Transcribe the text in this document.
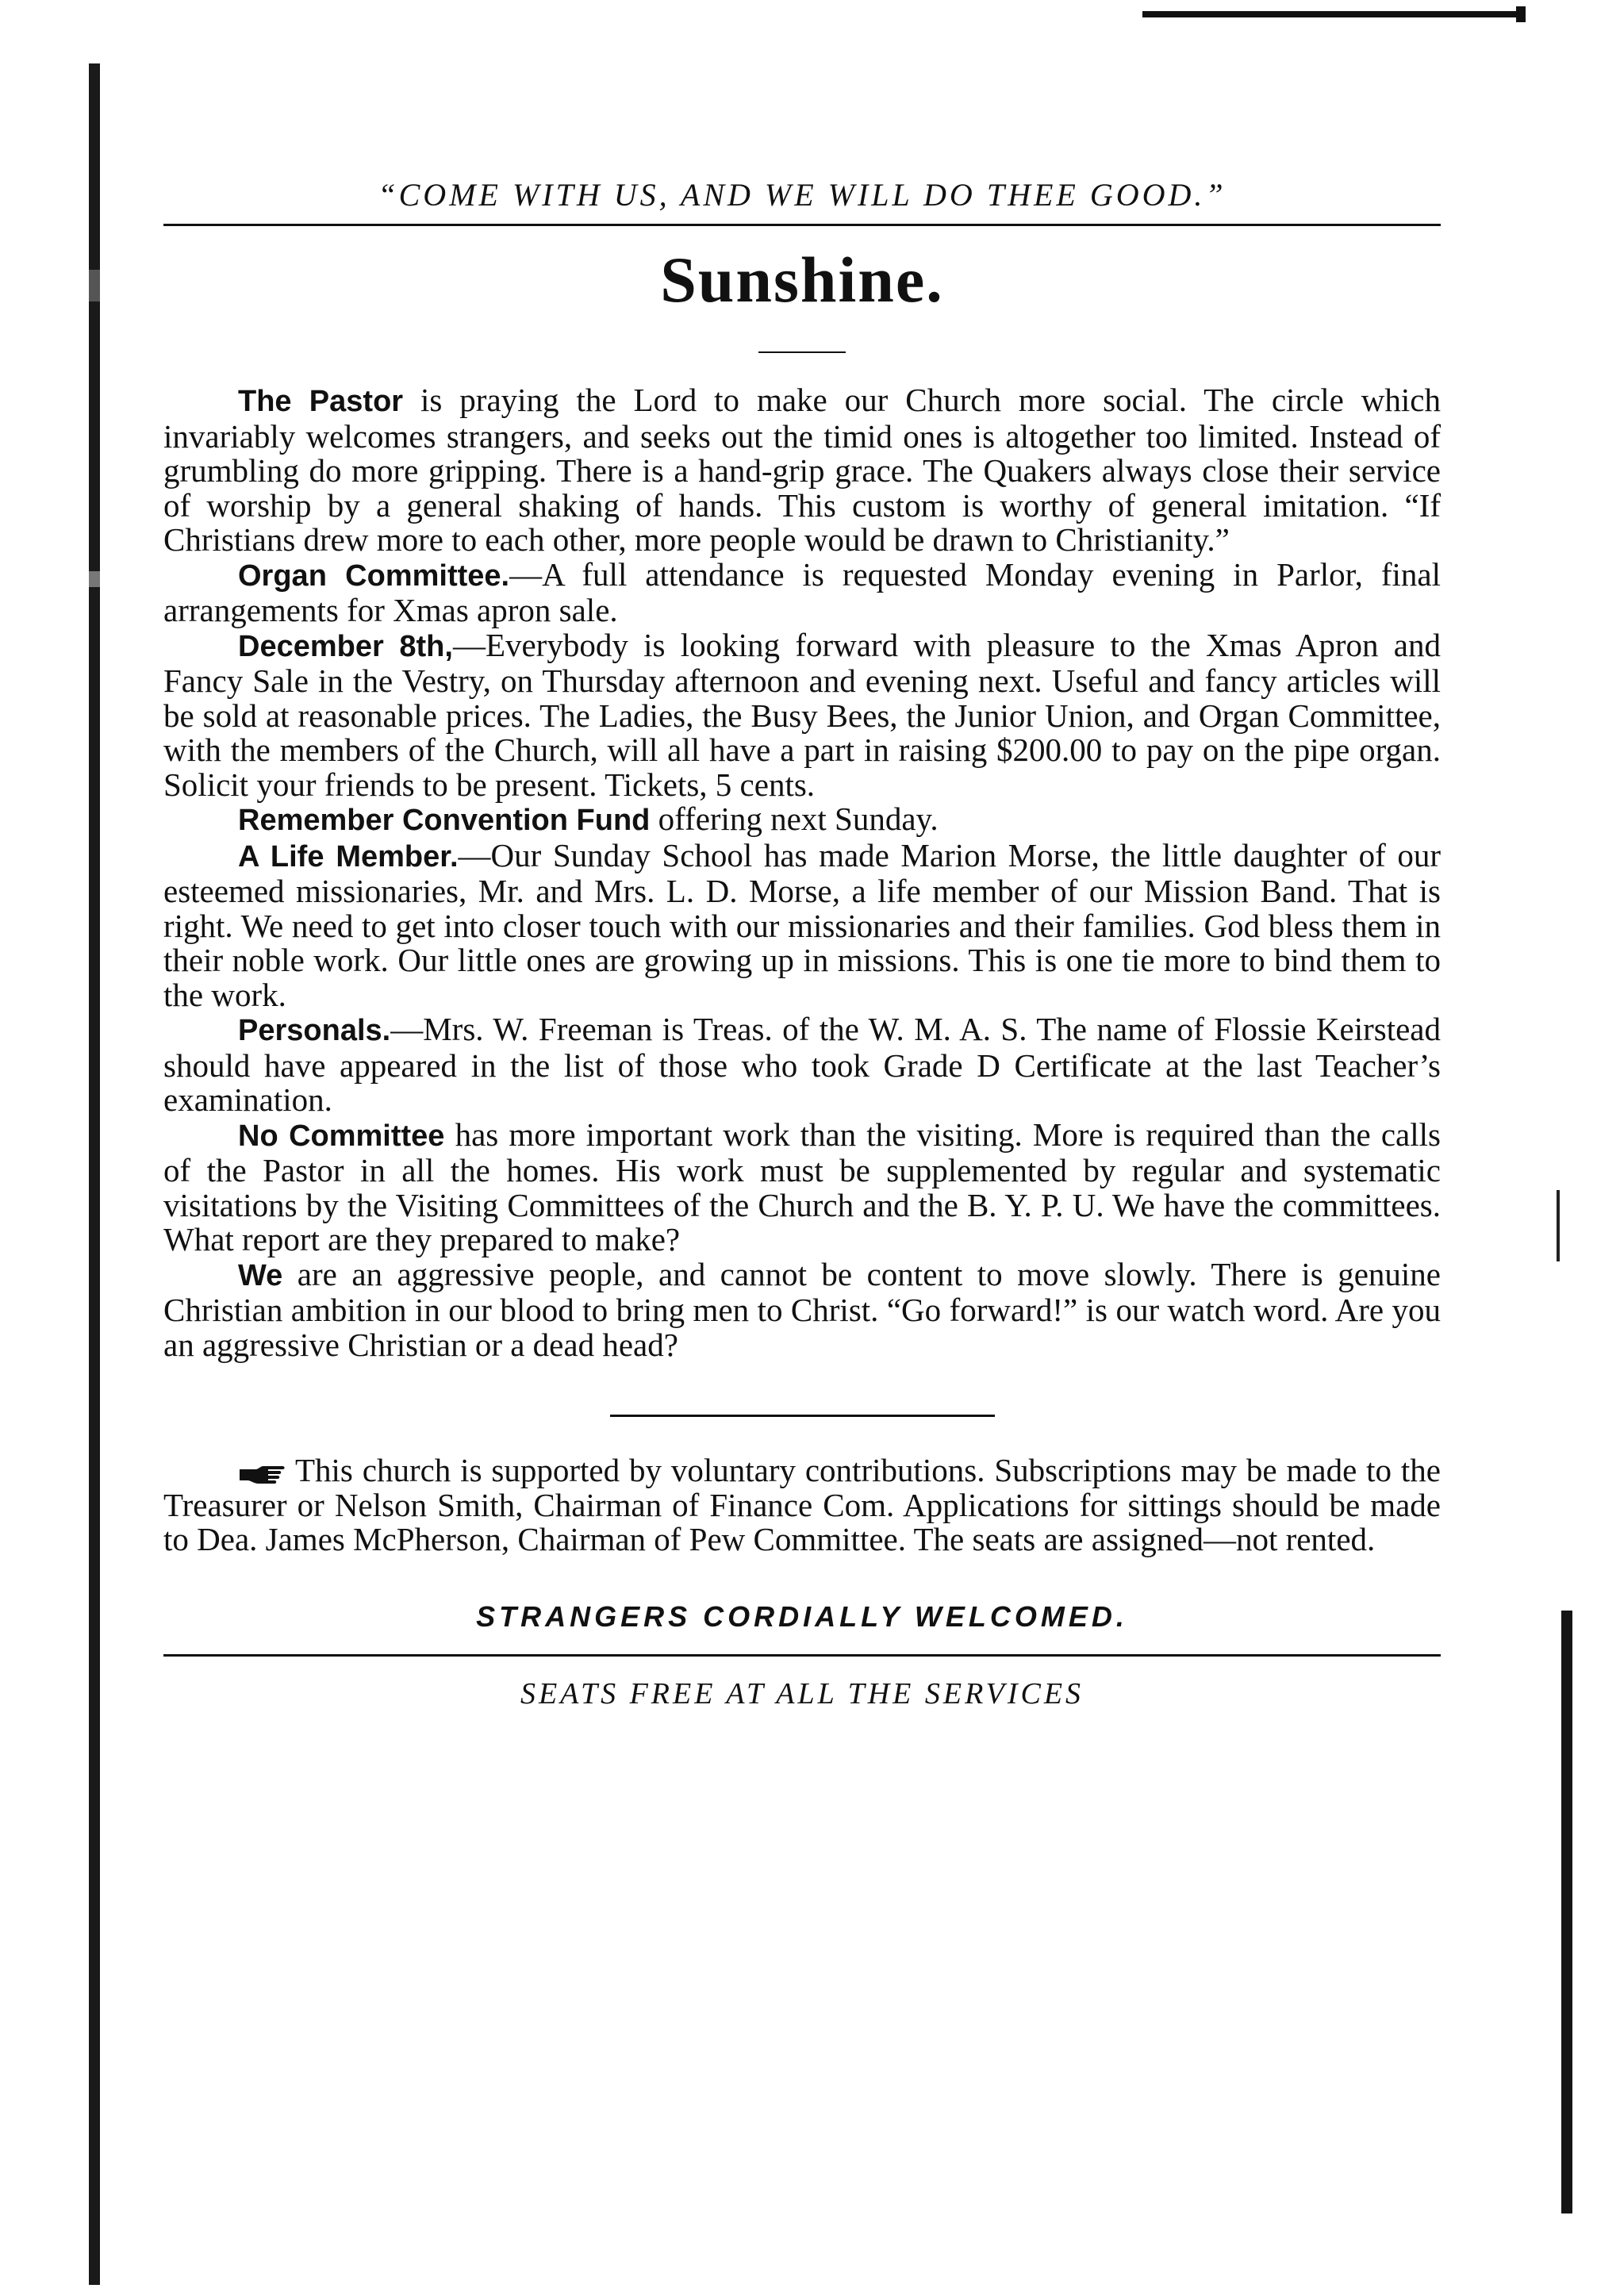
“COME WITH US, AND WE WILL DO THEE GOOD.”

Sunshine.

The Pastor is praying the Lord to make our Church more social. The circle which invariably welcomes strangers, and seeks out the timid ones is altogether too limited. Instead of grumbling do more gripping. There is a hand-grip grace. The Quakers always close their service of worship by a general shaking of hands. This custom is worthy of general imitation. “If Christians drew more to each other, more people would be drawn to Christianity.”

Organ Committee.—A full attendance is requested Monday evening in Parlor, final arrangements for Xmas apron sale.

December 8th,—Everybody is looking forward with pleasure to the Xmas Apron and Fancy Sale in the Vestry, on Thursday afternoon and evening next. Useful and fancy articles will be sold at reasonable prices. The Ladies, the Busy Bees, the Junior Union, and Organ Committee, with the members of the Church, will all have a part in raising $200.00 to pay on the pipe organ. Solicit your friends to be present. Tickets, 5 cents.

Remember Convention Fund offering next Sunday.

A Life Member.—Our Sunday School has made Marion Morse, the little daughter of our esteemed missionaries, Mr. and Mrs. L. D. Morse, a life member of our Mission Band. That is right. We need to get into closer touch with our missionaries and their families. God bless them in their noble work. Our little ones are growing up in missions. This is one tie more to bind them to the work.

Personals.—Mrs. W. Freeman is Treas. of the W. M. A. S. The name of Flossie Keirstead should have appeared in the list of those who took Grade D Certificate at the last Teacher’s examination.

No Committee has more important work than the visiting. More is required than the calls of the Pastor in all the homes. His work must be supplemented by regular and systematic visitations by the Visiting Committees of the Church and the B. Y. P. U. We have the committees. What report are they prepared to make?

We are an aggressive people, and cannot be content to move slowly. There is genuine Christian ambition in our blood to bring men to Christ. “Go forward!” is our watch word. Are you an aggressive Christian or a dead head?

This church is supported by voluntary contributions. Subscriptions may be made to the Treasurer or Nelson Smith, Chairman of Finance Com. Applications for sittings should be made to Dea. James McPherson, Chairman of Pew Committee. The seats are assigned—not rented.

STRANGERS CORDIALLY WELCOMED.

SEATS FREE AT ALL THE SERVICES
